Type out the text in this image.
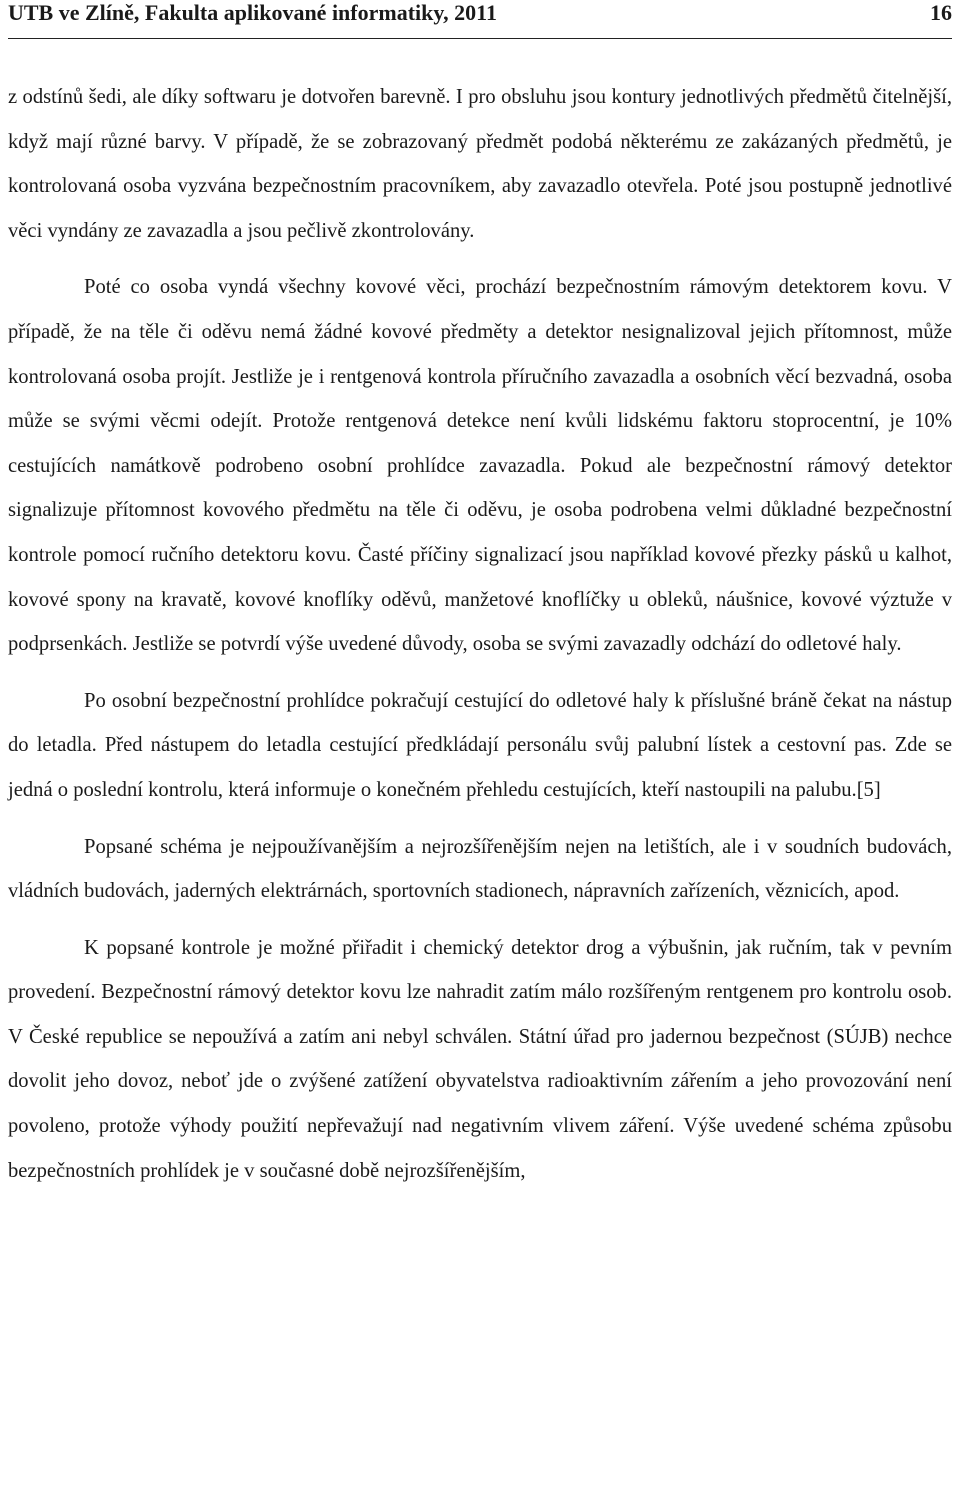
UTB ve Zlíně, Fakulta aplikované informatiky, 2011	16

z odstínů šedi, ale díky softwaru je dotvořen barevně. I pro obsluhu jsou kontury jednotlivých předmětů čitelnější, když mají různé barvy. V případě, že se zobrazovaný předmět podobá některému ze zakázaných předmětů, je kontrolovaná osoba vyzvána bezpečnostním pracovníkem, aby zavazadlo otevřela. Poté jsou postupně jednotlivé věci vyndány ze zavazadla a jsou pečlivě zkontrolovány.

Poté co osoba vyndá všechny kovové věci, prochází bezpečnostním rámovým detektorem kovu. V případě, že na těle či oděvu nemá žádné kovové předměty a detektor nesignalizoval jejich přítomnost, může kontrolovaná osoba projít. Jestliže je i rentgenová kontrola příručního zavazadla a osobních věcí bezvadná, osoba může se svými věcmi odejít. Protože rentgenová detekce není kvůli lidskému faktoru stoprocentní, je 10% cestujících namátkově podrobeno osobní prohlídce zavazadla. Pokud ale bezpečnostní rámový detektor signalizuje přítomnost kovového předmětu na těle či oděvu, je osoba podrobena velmi důkladné bezpečnostní kontrole pomocí ručního detektoru kovu. Časté příčiny signalizací jsou například kovové přezky pásků u kalhot, kovové spony na kravatě, kovové knoflíky oděvů, manžetové knoflíčky u obleků, náušnice, kovové výztuže v podprsenkách. Jestliže se potvrdí výše uvedené důvody, osoba se svými zavazadly odchází do odletové haly.

Po osobní bezpečnostní prohlídce pokračují cestující do odletové haly k příslušné bráně čekat na nástup do letadla. Před nástupem do letadla cestující předkládají personálu svůj palubní lístek a cestovní pas. Zde se jedná o poslední kontrolu, která informuje o konečném přehledu cestujících, kteří nastoupili na palubu.[5]

Popsané schéma je nejpoužívanějším a nejrozšířenějším nejen na letištích, ale i v soudních budovách, vládních budovách, jaderných elektrárnách, sportovních stadionech, nápravních zařízeních, věznicích, apod.

K popsané kontrole je možné přiřadit i chemický detektor drog a výbušnin, jak ručním, tak v pevním provedení. Bezpečnostní rámový detektor kovu lze nahradit zatím málo rozšířeným rentgenem pro kontrolu osob. V České republice se nepoužívá a zatím ani nebyl schválen. Státní úřad pro jadernou bezpečnost (SÚJB) nechce dovolit jeho dovoz, neboť jde o zvýšené zatížení obyvatelstva radioaktivním zářením a jeho provozování není povoleno, protože výhody použití nepřevažují nad negativním vlivem záření. Výše uvedené schéma způsobu bezpečnostních prohlídek je v současné době nejrozšířenějším,
